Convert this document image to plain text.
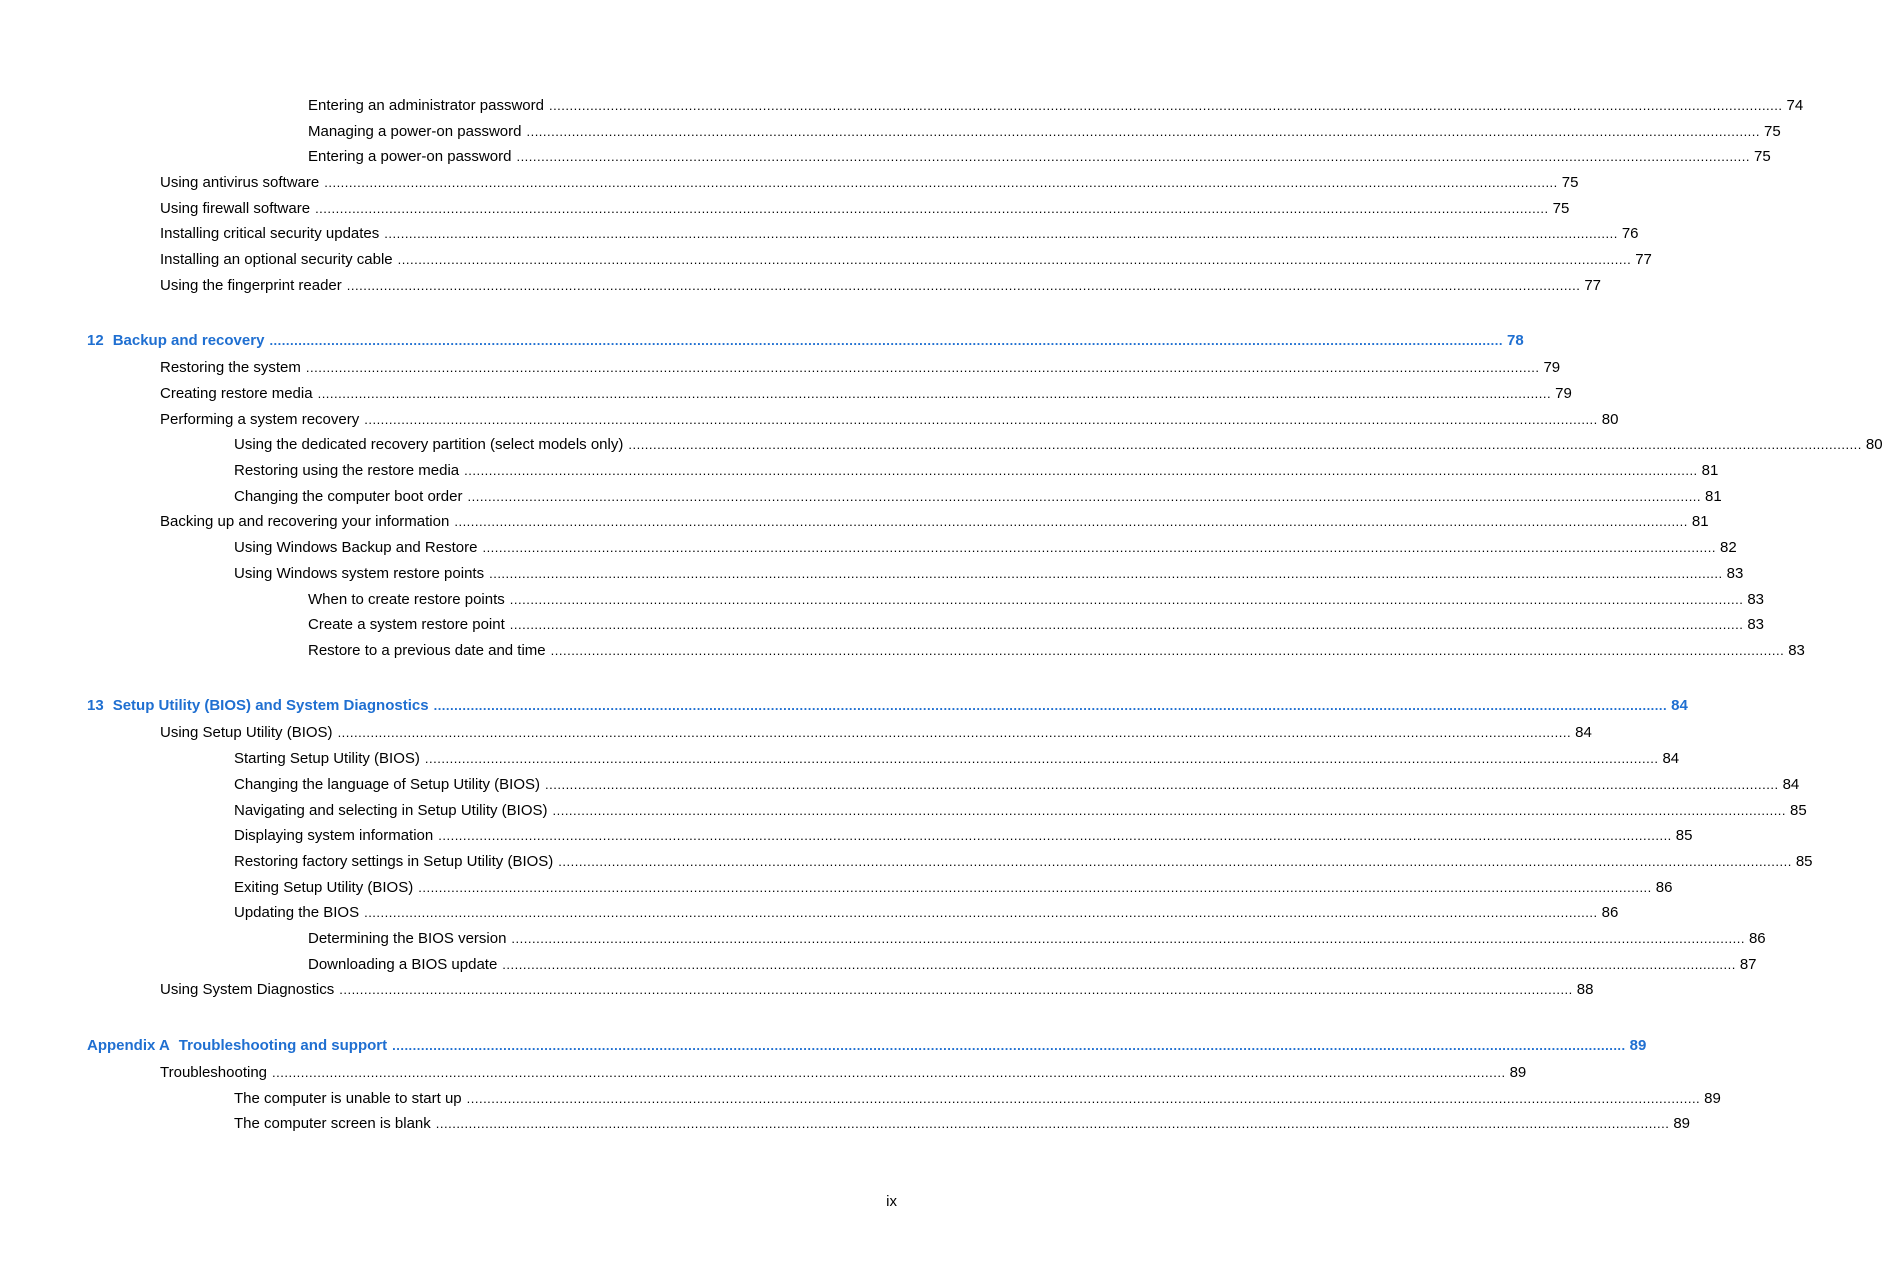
Entering an administrator password ............................................................................................................................................................................................................................................................................................................ 74
Managing a power-on password ............................................................................................................................................................................................................................................................................................................ 75
Entering a power-on password ............................................................................................................................................................................................................................................................................................................ 75
Using antivirus software ............................................................................................................................................................................................................................................................................................................ 75
Using firewall software ............................................................................................................................................................................................................................................................................................................ 75
Installing critical security updates ............................................................................................................................................................................................................................................................................................................ 76
Installing an optional security cable ............................................................................................................................................................................................................................................................................................................ 77
Using the fingerprint reader ............................................................................................................................................................................................................................................................................................................ 77
12 Backup and recovery ............................................................................................................................................................................................................................................................................................................ 78
Restoring the system ............................................................................................................................................................................................................................................................................................................ 79
Creating restore media ............................................................................................................................................................................................................................................................................................................ 79
Performing a system recovery ............................................................................................................................................................................................................................................................................................................ 80
Using the dedicated recovery partition (select models only) ............................................................................................................................................................................................................................................................................................................ 80
Restoring using the restore media ............................................................................................................................................................................................................................................................................................................ 81
Changing the computer boot order ............................................................................................................................................................................................................................................................................................................ 81
Backing up and recovering your information ............................................................................................................................................................................................................................................................................................................ 81
Using Windows Backup and Restore ............................................................................................................................................................................................................................................................................................................ 82
Using Windows system restore points ............................................................................................................................................................................................................................................................................................................ 83
When to create restore points ............................................................................................................................................................................................................................................................................................................ 83
Create a system restore point ............................................................................................................................................................................................................................................................................................................ 83
Restore to a previous date and time ............................................................................................................................................................................................................................................................................................................ 83
13 Setup Utility (BIOS) and System Diagnostics ............................................................................................................................................................................................................................................................................................................ 84
Using Setup Utility (BIOS) ............................................................................................................................................................................................................................................................................................................ 84
Starting Setup Utility (BIOS) ............................................................................................................................................................................................................................................................................................................ 84
Changing the language of Setup Utility (BIOS) ............................................................................................................................................................................................................................................................................................................ 84
Navigating and selecting in Setup Utility (BIOS) ............................................................................................................................................................................................................................................................................................................ 85
Displaying system information ............................................................................................................................................................................................................................................................................................................ 85
Restoring factory settings in Setup Utility (BIOS) ............................................................................................................................................................................................................................................................................................................ 85
Exiting Setup Utility (BIOS) ............................................................................................................................................................................................................................................................................................................ 86
Updating the BIOS ............................................................................................................................................................................................................................................................................................................ 86
Determining the BIOS version ............................................................................................................................................................................................................................................................................................................ 86
Downloading a BIOS update ............................................................................................................................................................................................................................................................................................................ 87
Using System Diagnostics ............................................................................................................................................................................................................................................................................................................ 88
Appendix A Troubleshooting and support ............................................................................................................................................................................................................................................................................................................ 89
Troubleshooting ............................................................................................................................................................................................................................................................................................................ 89
The computer is unable to start up ............................................................................................................................................................................................................................................................................................................ 89
The computer screen is blank ............................................................................................................................................................................................................................................................................................................ 89
ix
